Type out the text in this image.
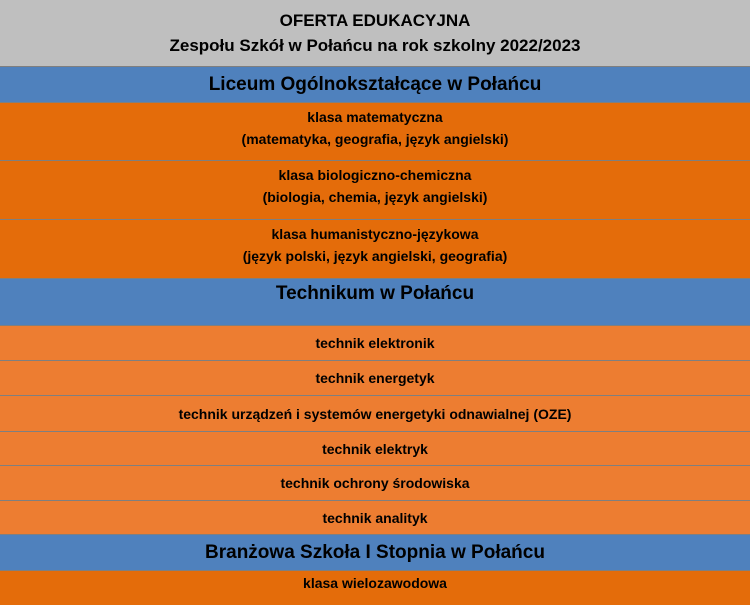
OFERTA EDUKACYJNA
Zespołu Szkół w Połańcu na rok szkolny 2022/2023
Liceum Ogólnokształcące w Połańcu
klasa matematyczna
(matematyka, geografia, język angielski)
klasa biologiczno-chemiczna
(biologia, chemia, język angielski)
klasa humanistyczno-językowa
(język polski, język angielski, geografia)
Technikum w Połańcu
technik elektronik
technik energetyk
technik urządzeń i systemów energetyki odnawialnej (OZE)
technik elektryk
technik ochrony środowiska
technik analityk
Branżowa Szkoła I Stopnia w Połańcu
klasa wielozawodowa
